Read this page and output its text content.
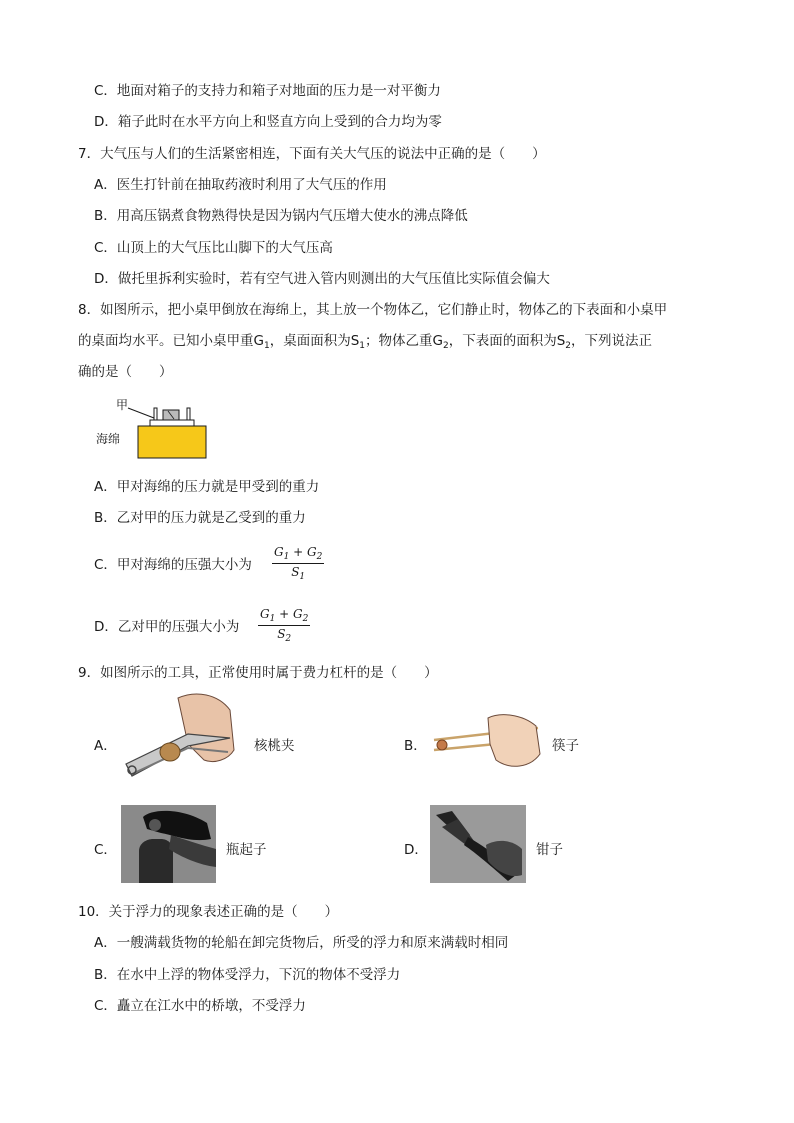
C．地面对箱子的支持力和箱子对地面的压力是一对平衡力
D．箱子此时在水平方向上和竖直方向上受到的合力均为零
7．大气压与人们的生活紧密相连，下面有关大气压的说法中正确的是（　　）
A．医生打针前在抽取药液时利用了大气压的作用
B．用高压锅煮食物熟得快是因为锅内气压增大使水的沸点降低
C．山顶上的大气压比山脚下的大气压高
D．做托里拆利实验时，若有空气进入管内则测出的大气压值比实际值会偏大
8．如图所示，把小桌甲倒放在海绵上，其上放一个物体乙，它们静止时，物体乙的下表面和小桌甲
的桌面均水平。已知小桌甲重$G_1$，桌面面积为$S_1$；物体乙重$G_2$，下表面的面积为$S_2$，下列说法正
确的是（　　）
甲
海绵
A．甲对海绵的压力就是甲受到的重力
B．乙对甲的压力就是乙受到的重力
C．甲对海绵的压强大小为
$G_1 + G_2$
$S_1$
D．乙对甲的压强大小为
$G_1 + G_2$
$S_2$
9．如图所示的工具，正常使用时属于费力杠杆的是（　　）
A．	核桃夹	B．	筷子
C．	瓶起子	D．	钳子
10．关于浮力的现象表述正确的是（　　）
A．一艘满载货物的轮船在卸完货物后，所受的浮力和原来满载时相同
B．在水中上浮的物体受浮力，下沉的物体不受浮力
C．矗立在江水中的桥墩，不受浮力
